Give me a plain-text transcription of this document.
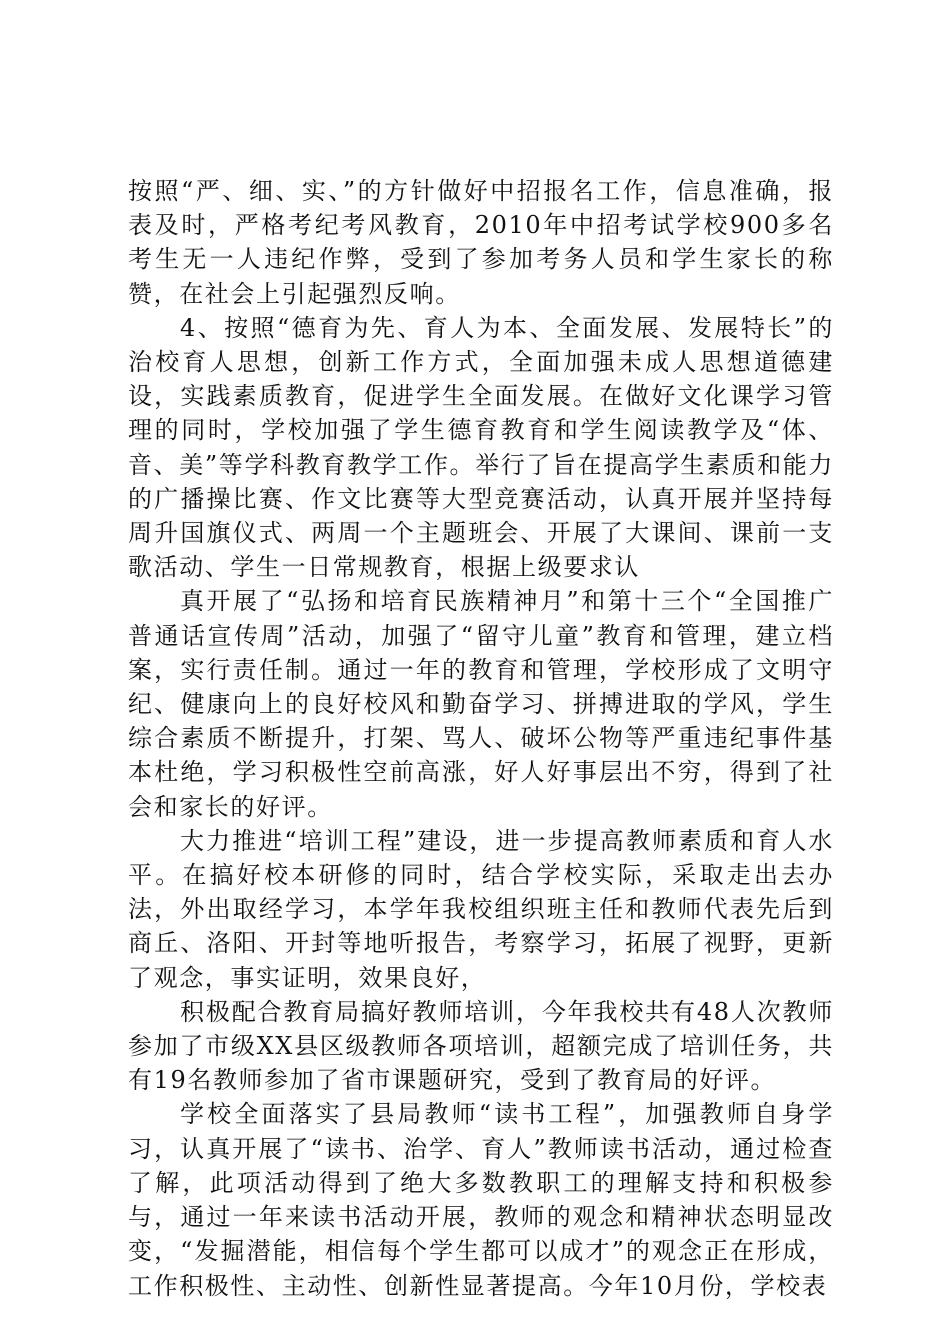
按照“严、细、实、”的方针做好中招报名工作，信息准确，报表及时，严格考纪考风教育，2010年中招考试学校900多名考生无一人违纪作弊，受到了参加考务人员和学生家长的称赞，在社会上引起强烈反响。

4、按照“德育为先、育人为本、全面发展、发展特长”的治校育人思想，创新工作方式，全面加强未成人思想道德建设，实践素质教育，促进学生全面发展。在做好文化课学习管理的同时，学校加强了学生德育教育和学生阅读教学及“体、音、美”等学科教育教学工作。举行了旨在提高学生素质和能力的广播操比赛、作文比赛等大型竞赛活动，认真开展并坚持每周升国旗仪式、两周一个主题班会、开展了大课间、课前一支歌活动、学生一日常规教育，根据上级要求认

真开展了“弘扬和培育民族精神月”和第十三个“全国推广普通话宣传周”活动，加强了“留守儿童”教育和管理，建立档案，实行责任制。通过一年的教育和管理，学校形成了文明守纪、健康向上的良好校风和勤奋学习、拼搏进取的学风，学生综合素质不断提升，打架、骂人、破坏公物等严重违纪事件基本杜绝，学习积极性空前高涨，好人好事层出不穷，得到了社会和家长的好评。

大力推进“培训工程”建设，进一步提高教师素质和育人水平。在搞好校本研修的同时，结合学校实际，采取走出去办法，外出取经学习，本学年我校组织班主任和教师代表先后到商丘、洛阳、开封等地听报告，考察学习，拓展了视野，更新了观念，事实证明，效果良好，

积极配合教育局搞好教师培训，今年我校共有48人次教师参加了市级XX县区级教师各项培训，超额完成了培训任务，共有19名教师参加了省市课题研究，受到了教育局的好评。

学校全面落实了县局教师“读书工程”，加强教师自身学习，认真开展了“读书、治学、育人”教师读书活动，通过检查了解，此项活动得到了绝大多数教职工的理解支持和积极参与，通过一年来读书活动开展，教师的观念和精神状态明显改变，“发掘潜能，相信每个学生都可以成才”的观念正在形成，工作积极性、主动性、创新性显著提高。今年10月份，学校表
